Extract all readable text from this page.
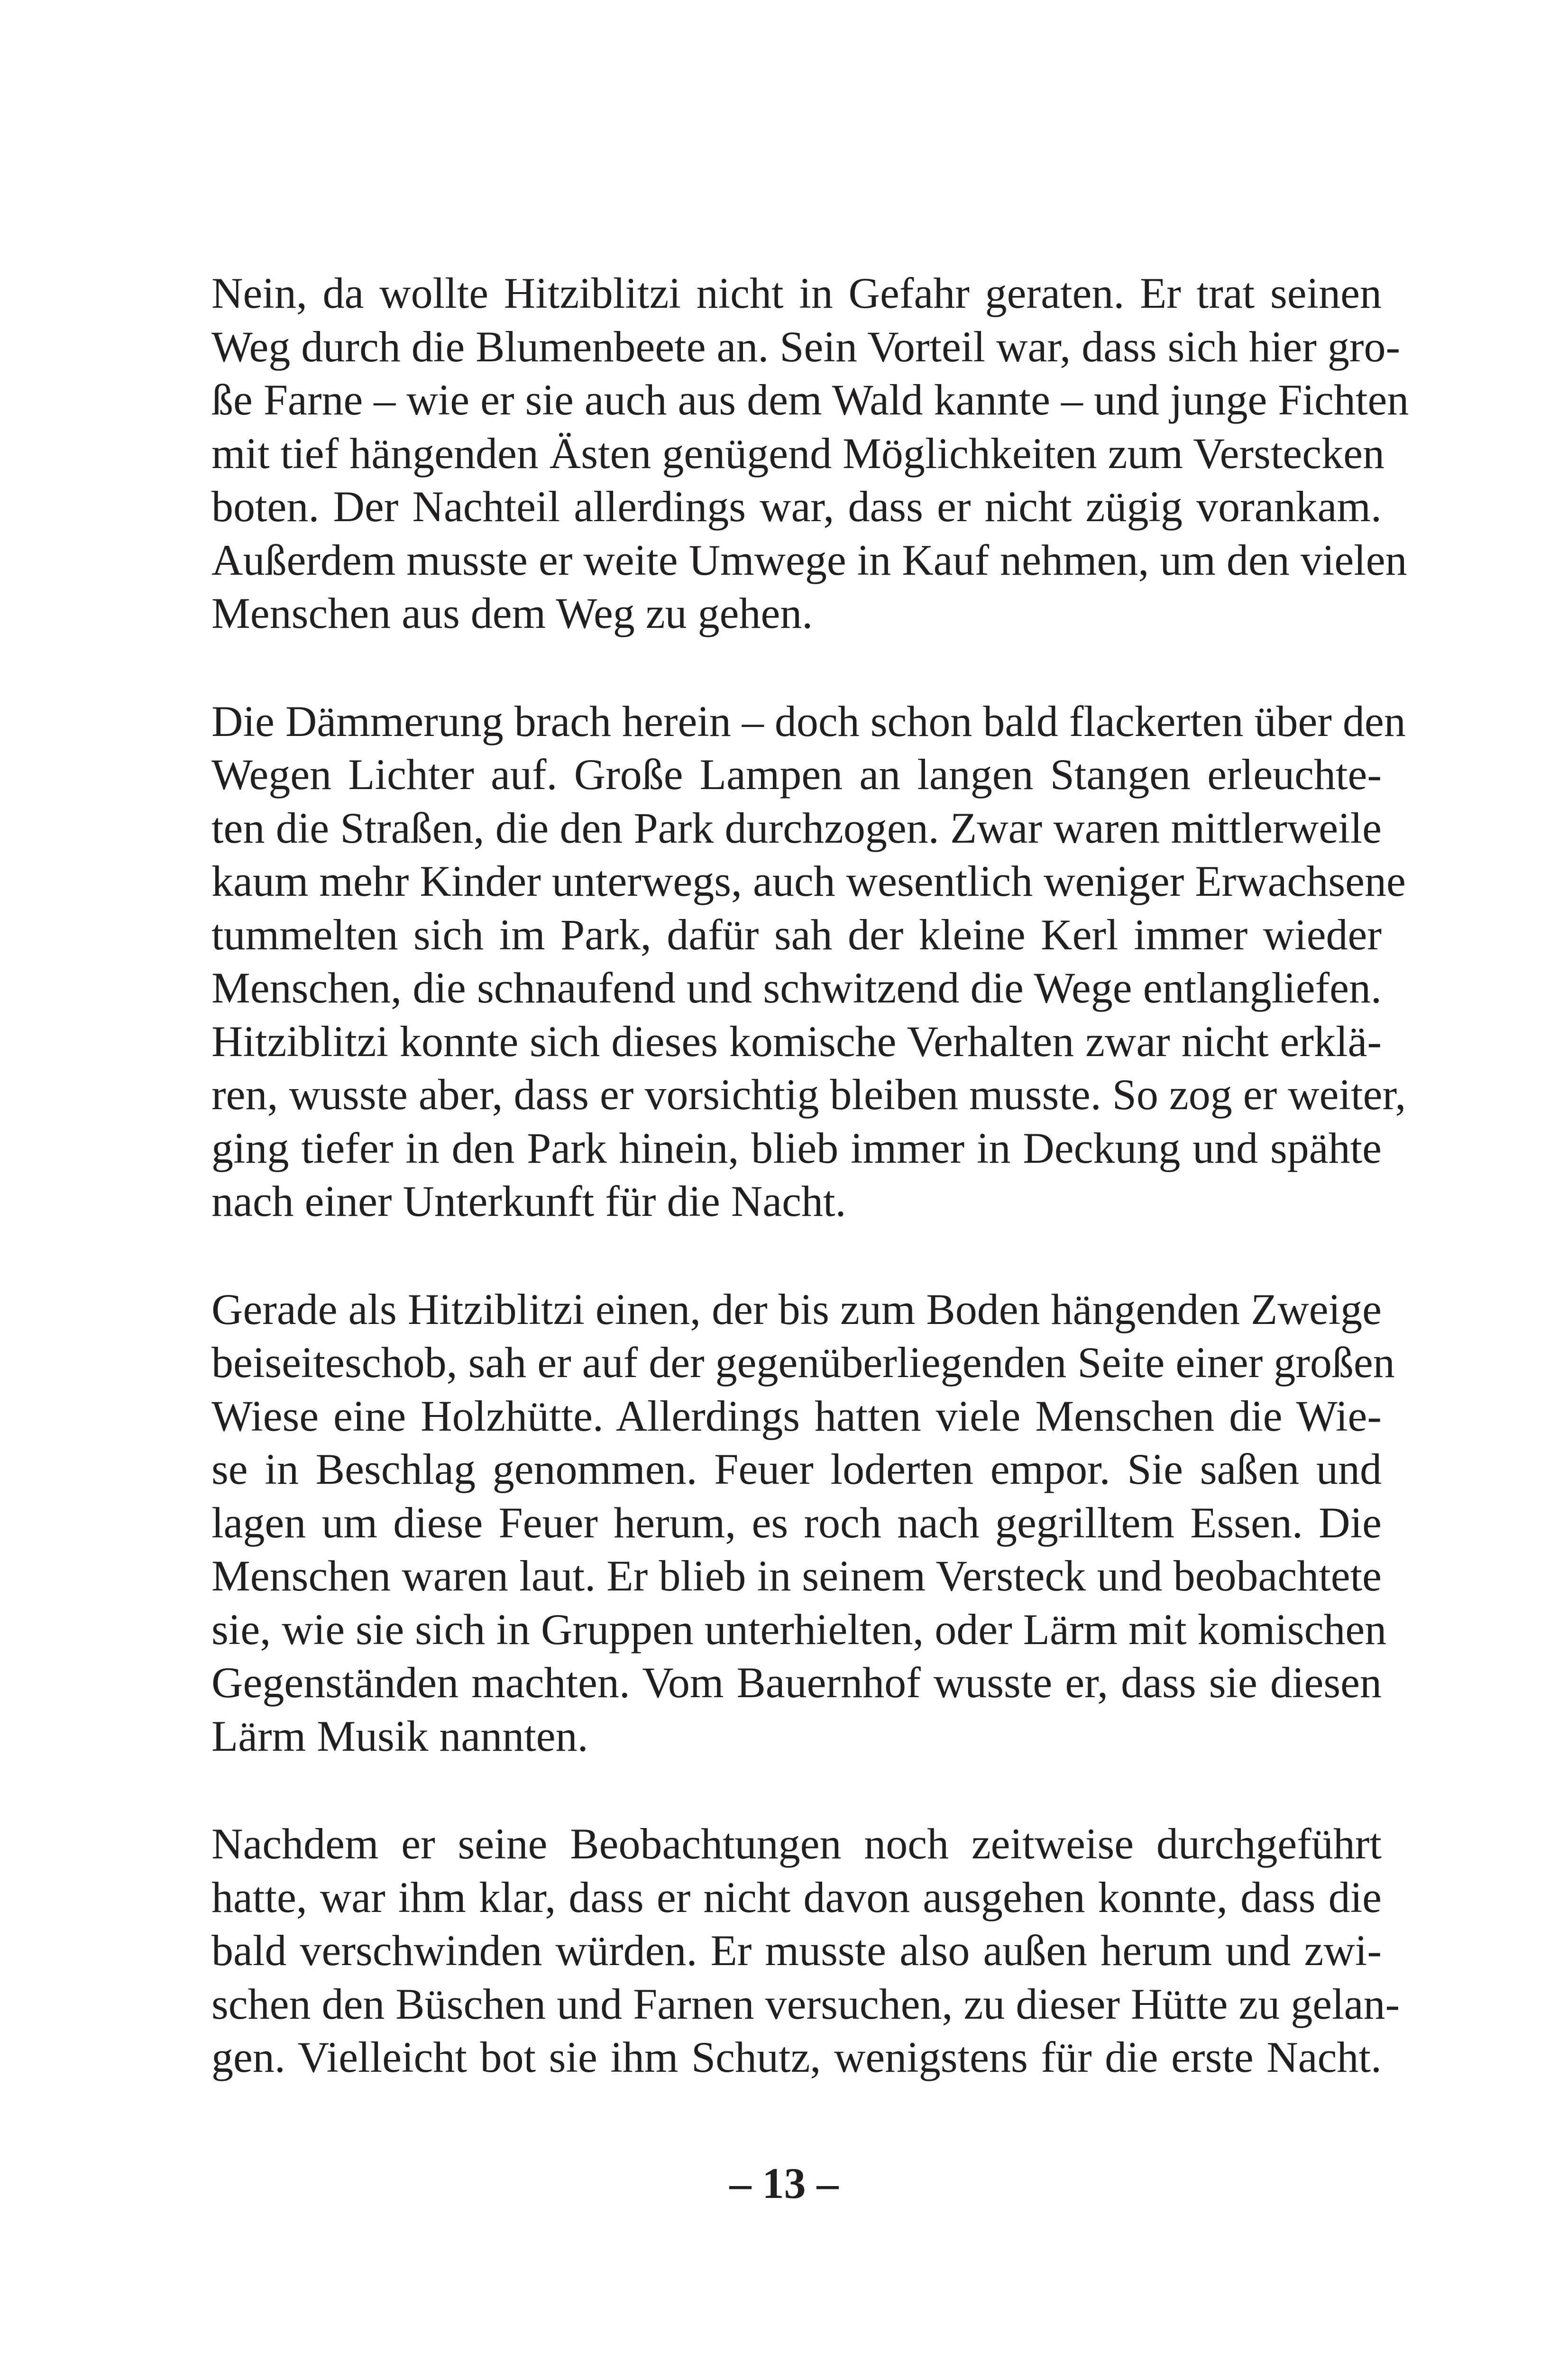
Nein, da wollte Hitziblitzi nicht in Gefahr geraten. Er trat seinen
Weg durch die Blumenbeete an. Sein Vorteil war, dass sich hier gro-
ße Farne – wie er sie auch aus dem Wald kannte – und junge Fichten
mit tief hängenden Ästen genügend Möglichkeiten zum Verstecken
boten. Der Nachteil allerdings war, dass er nicht zügig vorankam.
Außerdem musste er weite Umwege in Kauf nehmen, um den vielen
Menschen aus dem Weg zu gehen.

Die Dämmerung brach herein – doch schon bald flackerten über den
Wegen Lichter auf. Große Lampen an langen Stangen erleuchte-
ten die Straßen, die den Park durchzogen. Zwar waren mittlerweile
kaum mehr Kinder unterwegs, auch wesentlich weniger Erwachsene
tummelten sich im Park, dafür sah der kleine Kerl immer wieder
Menschen, die schnaufend und schwitzend die Wege entlangliefen.
Hitziblitzi konnte sich dieses komische Verhalten zwar nicht erklä-
ren, wusste aber, dass er vorsichtig bleiben musste. So zog er weiter,
ging tiefer in den Park hinein, blieb immer in Deckung und spähte
nach einer Unterkunft für die Nacht.

Gerade als Hitziblitzi einen, der bis zum Boden hängenden Zweige
beiseiteschob, sah er auf der gegenüberliegenden Seite einer großen
Wiese eine Holzhütte. Allerdings hatten viele Menschen die Wie-
se in Beschlag genommen. Feuer loderten empor. Sie saßen und
lagen um diese Feuer herum, es roch nach gegrilltem Essen. Die
Menschen waren laut. Er blieb in seinem Versteck und beobachtete
sie, wie sie sich in Gruppen unterhielten, oder Lärm mit komischen
Gegenständen machten. Vom Bauernhof wusste er, dass sie diesen
Lärm Musik nannten.

Nachdem er seine Beobachtungen noch zeitweise durchgeführt
hatte, war ihm klar, dass er nicht davon ausgehen konnte, dass die
bald verschwinden würden. Er musste also außen herum und zwi-
schen den Büschen und Farnen versuchen, zu dieser Hütte zu gelan-
gen. Vielleicht bot sie ihm Schutz, wenigstens für die erste Nacht.

– 13 –
